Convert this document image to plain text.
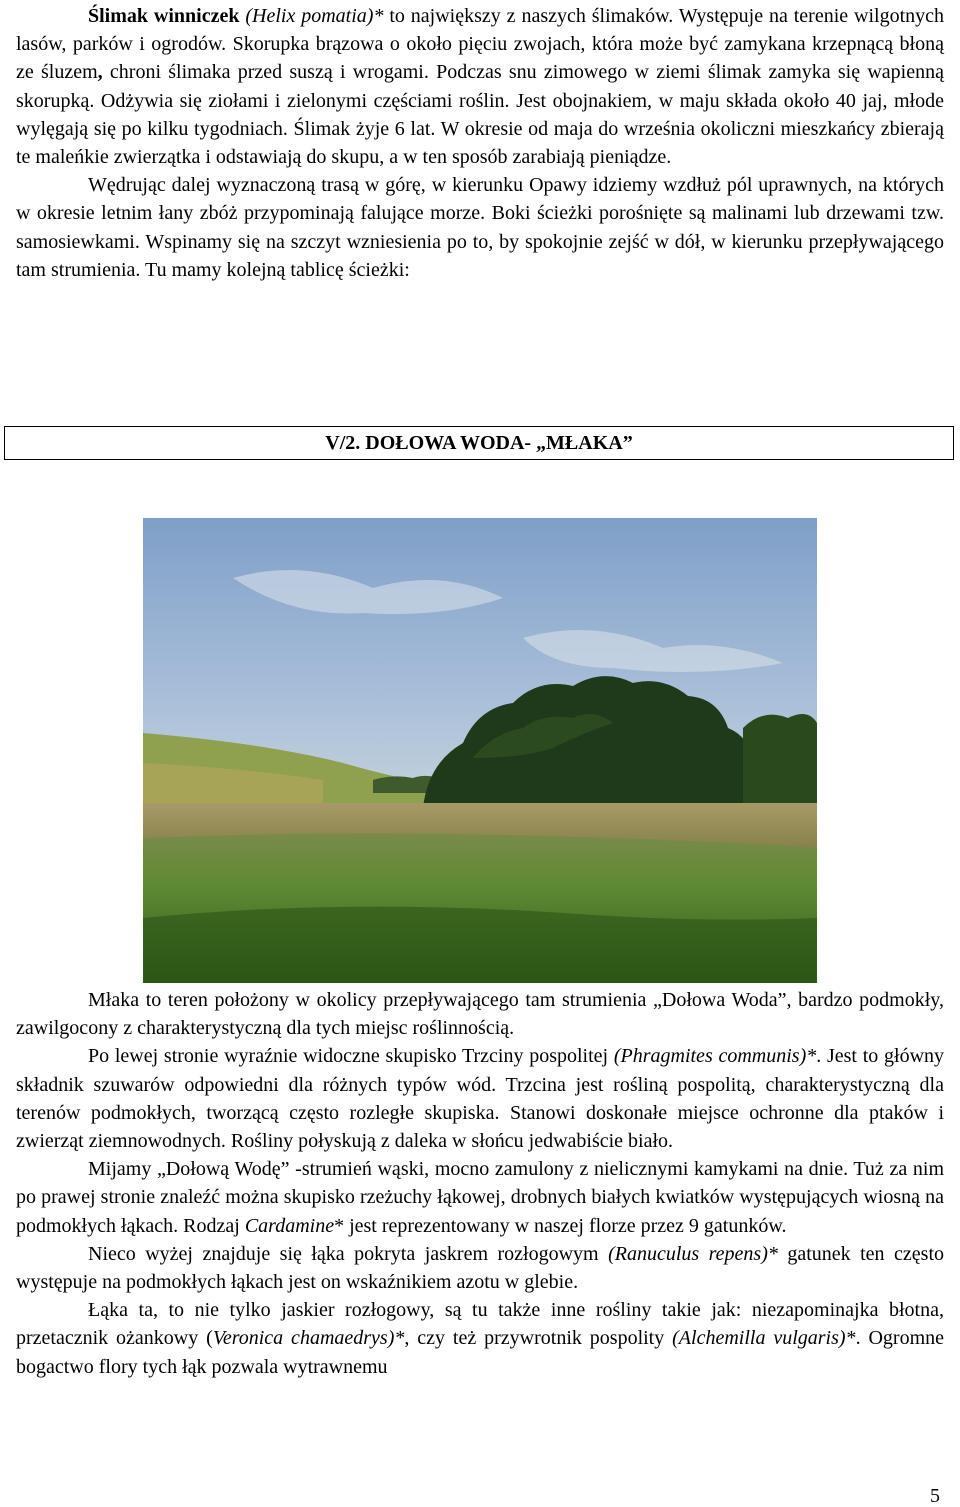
Ślimak winniczek (Helix pomatia)* to największy z naszych ślimaków. Występuje na terenie wilgotnych lasów, parków i ogrodów. Skorupka brązowa o około pięciu zwojach, która może być zamykana krzepnącą błoną ze śluzem, chroni ślimaka przed suszą i wrogami. Podczas snu zimowego w ziemi ślimak zamyka się wapienną skorupką. Odżywia się ziołami i zielonymi częściami roślin. Jest obojnakiem, w maju składa około 40 jaj, młode wylęgają się po kilku tygodniach. Ślimak żyje 6 lat. W okresie od maja do września okoliczni mieszkańcy zbierają te maleńkie zwierzątka i odstawiają do skupu, a w ten sposób zarabiają pieniądze.

Wędrując dalej wyznaczoną trasą w górę, w kierunku Opawy idziemy wzdłuż pól uprawnych, na których w okresie letnim łany zbóż przypominają falujące morze. Boki ścieżki porośnięte są malinami lub drzewami tzw. samosiewkami. Wspinamy się na szczyt wzniesienia po to, by spokojnie zejść w dół, w kierunku przepływającego tam strumienia. Tu mamy kolejną tablicę ścieżki:

V/2. DOŁOWA WODA- „MŁAKA”

Młaka to teren położony w okolicy przepływającego tam strumienia „Dołowa Woda”, bardzo podmokły, zawilgocony z charakterystyczną dla tych miejsc roślinnością.

Po lewej stronie wyraźnie widoczne skupisko Trzciny pospolitej (Phragmites communis)*. Jest to główny składnik szuwarów odpowiedni dla różnych typów wód. Trzcina jest rośliną pospolitą, charakterystyczną dla terenów podmokłych, tworzącą często rozległe skupiska. Stanowi doskonałe miejsce ochronne dla ptaków i zwierząt ziemnowodnych. Rośliny połyskują z daleka w słońcu jedwabiście biało.

Mijamy „Dołową Wodę” -strumień wąski, mocno zamulony z nielicznymi kamykami na dnie. Tuż za nim po prawej stronie znaleźć można skupisko rzeżuchy łąkowej, drobnych białych kwiatków występujących wiosną na podmokłych łąkach. Rodzaj Cardamine* jest reprezentowany w naszej florze przez 9 gatunków.

Nieco wyżej znajduje się łąka pokryta jaskrem rozłogowym (Ranuculus repens)* gatunek ten często występuje na podmokłych łąkach jest on wskaźnikiem azotu w glebie.

Łąka ta, to nie tylko jaskier rozłogowy, są tu także inne rośliny takie jak: niezapominajka błotna, przetacznik ożankowy (Veronica chamaedrys)*, czy też przywrotnik pospolity (Alchemilla vulgaris)*. Ogromne bogactwo flory tych łąk pozwala wytrawnemu

5
